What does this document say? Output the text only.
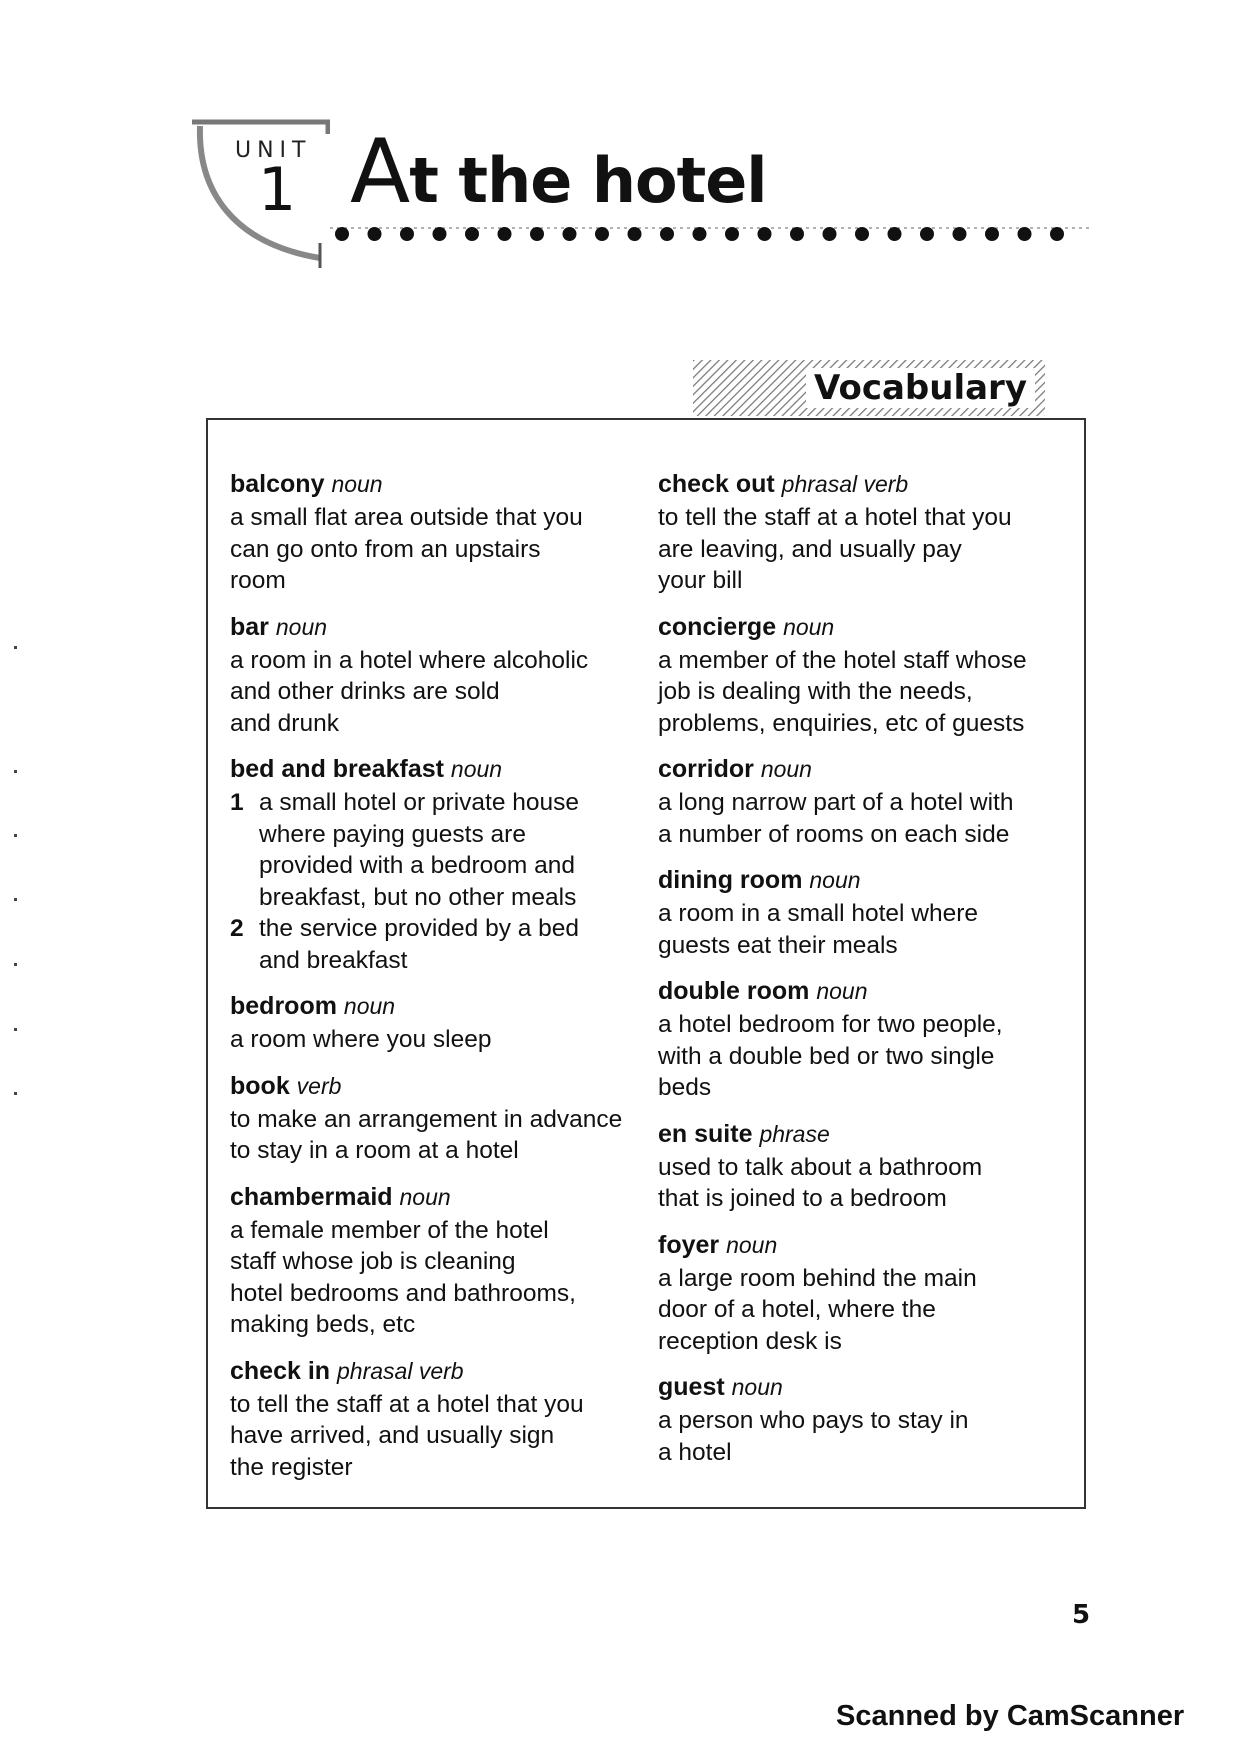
UNIT
1 At the hotel
Vocabulary
balcony noun
a small flat area outside that you
can go onto from an upstairs
room
bar noun
a room in a hotel where alcoholic
and other drinks are sold
and drunk
bed and breakfast noun
1 a small hotel or private house
where paying guests are
provided with a bedroom and
breakfast, but no other meals
2 the service provided by a bed
and breakfast
bedroom noun
a room where you sleep
book verb
to make an arrangement in advance
to stay in a room at a hotel
chambermaid noun
a female member of the hotel
staff whose job is cleaning
hotel bedrooms and bathrooms,
making beds, etc
check in phrasal verb
to tell the staff at a hotel that you
have arrived, and usually sign
the register
check out phrasal verb
to tell the staff at a hotel that you
are leaving, and usually pay
your bill
concierge noun
a member of the hotel staff whose
job is dealing with the needs,
problems, enquiries, etc of guests
corridor noun
a long narrow part of a hotel with
a number of rooms on each side
dining room noun
a room in a small hotel where
guests eat their meals
double room noun
a hotel bedroom for two people,
with a double bed or two single
beds
en suite phrase
used to talk about a bathroom
that is joined to a bedroom
foyer noun
a large room behind the main
door of a hotel, where the
reception desk is
guest noun
a person who pays to stay in
a hotel
5
Scanned by CamScanner
